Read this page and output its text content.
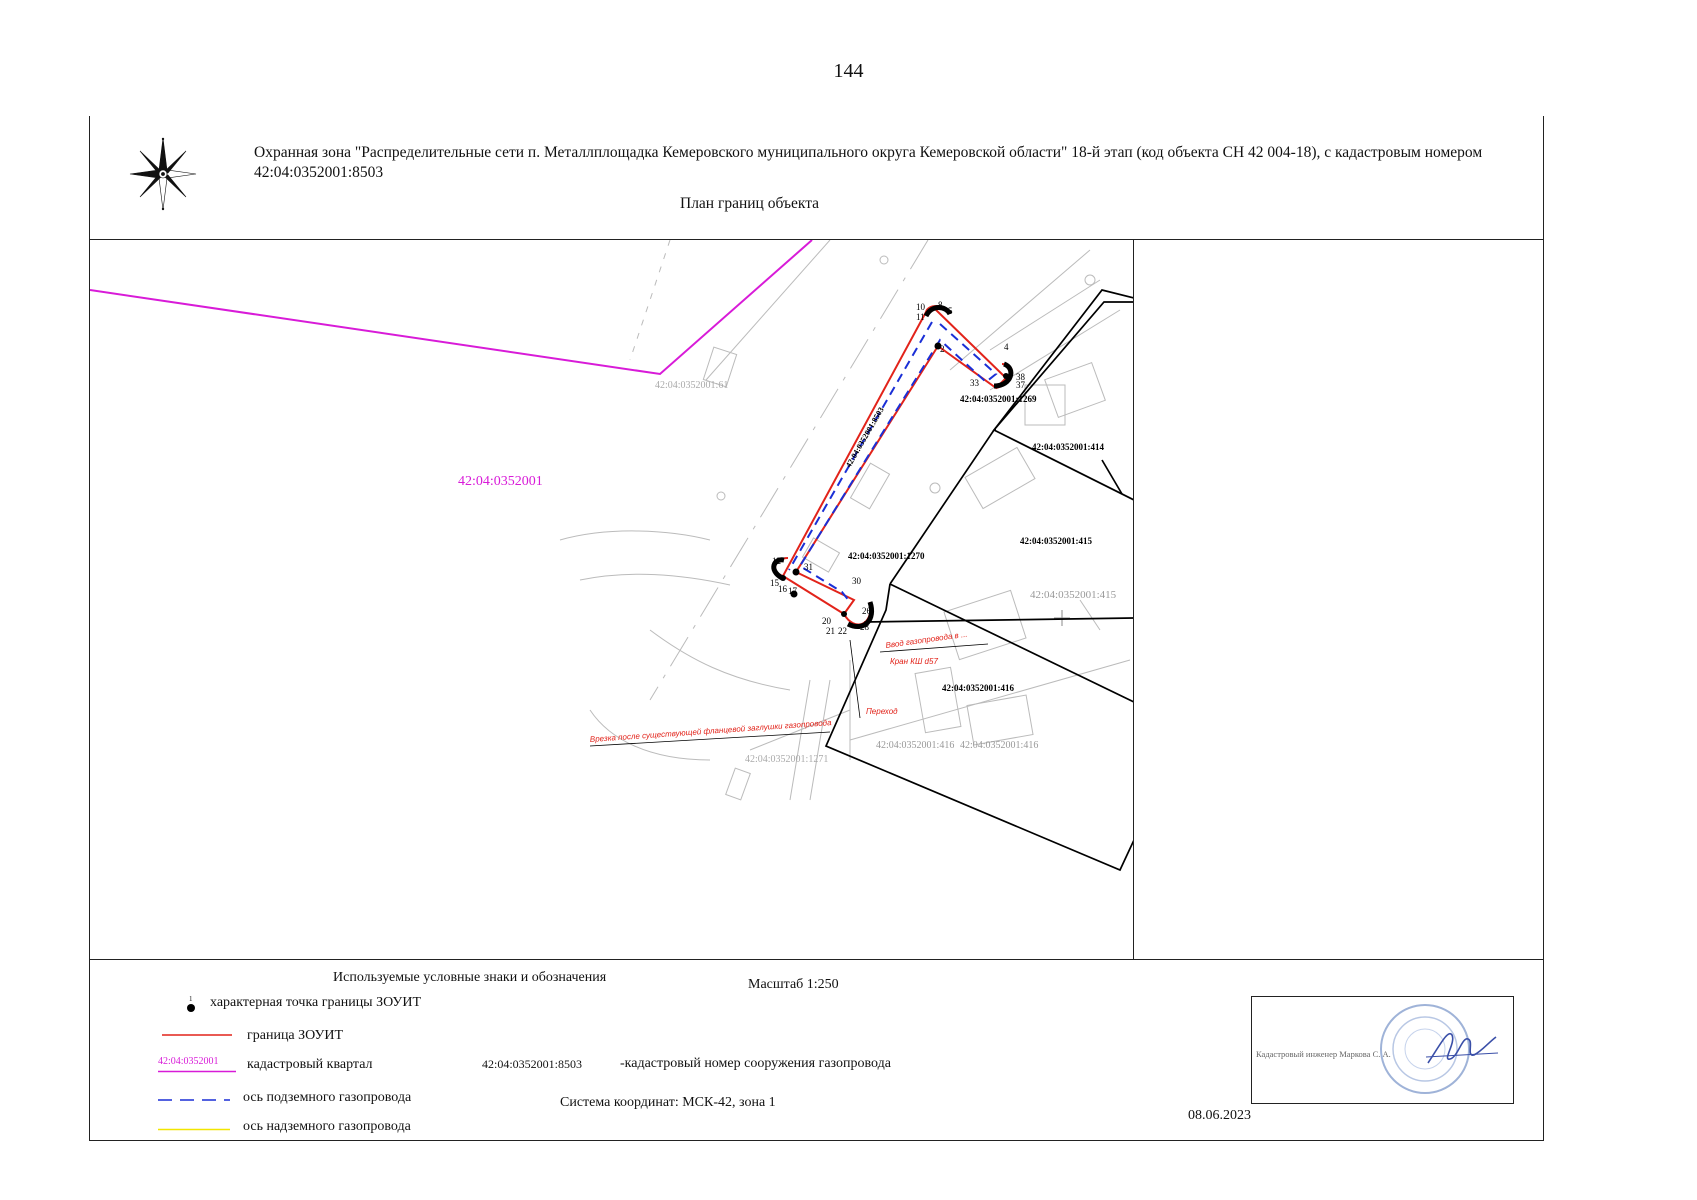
144
Охранная зона "Распределительные сети п. Металлплощадка Кемеровского муниципального округа Кемеровской области" 18-й этап (код объекта СН 42 004-18), с кадастровым номером 42:04:0352001:8503
План границ объекта
10
11
8
5
4
38
37
33
2
12
15
16 17
31
30
20
21 22
26
28
42:04:0352001
42:04:0352001:1269
42:04:0352001:414
42:04:0352001:415
42:04:0352001:415
42:04:0352001:1270
42:04:0352001:416
42:04:0352001:416 42:04:0352001:416
42:04:0352001:61
42:04:0352001:1271
42:04:0352001:8503
Ввод газопровода в ...
Кран КШ d57
Переход
Врезка после существующей фланцевой заглушки газопровода
Используемые условные знаки и обозначения	Масштаб 1:250
1 характерная точка границы ЗОУИТ
граница ЗОУИТ
42:04:0352001 кадастровый квартал	42:04:0352001:8503	-кадастровый номер сооружения газопровода
ось подземного газопровода	Система координат: МСК-42, зона 1
ось надземного газопровода
08.06.2023
Кадастровый инженер Маркова С. А.
